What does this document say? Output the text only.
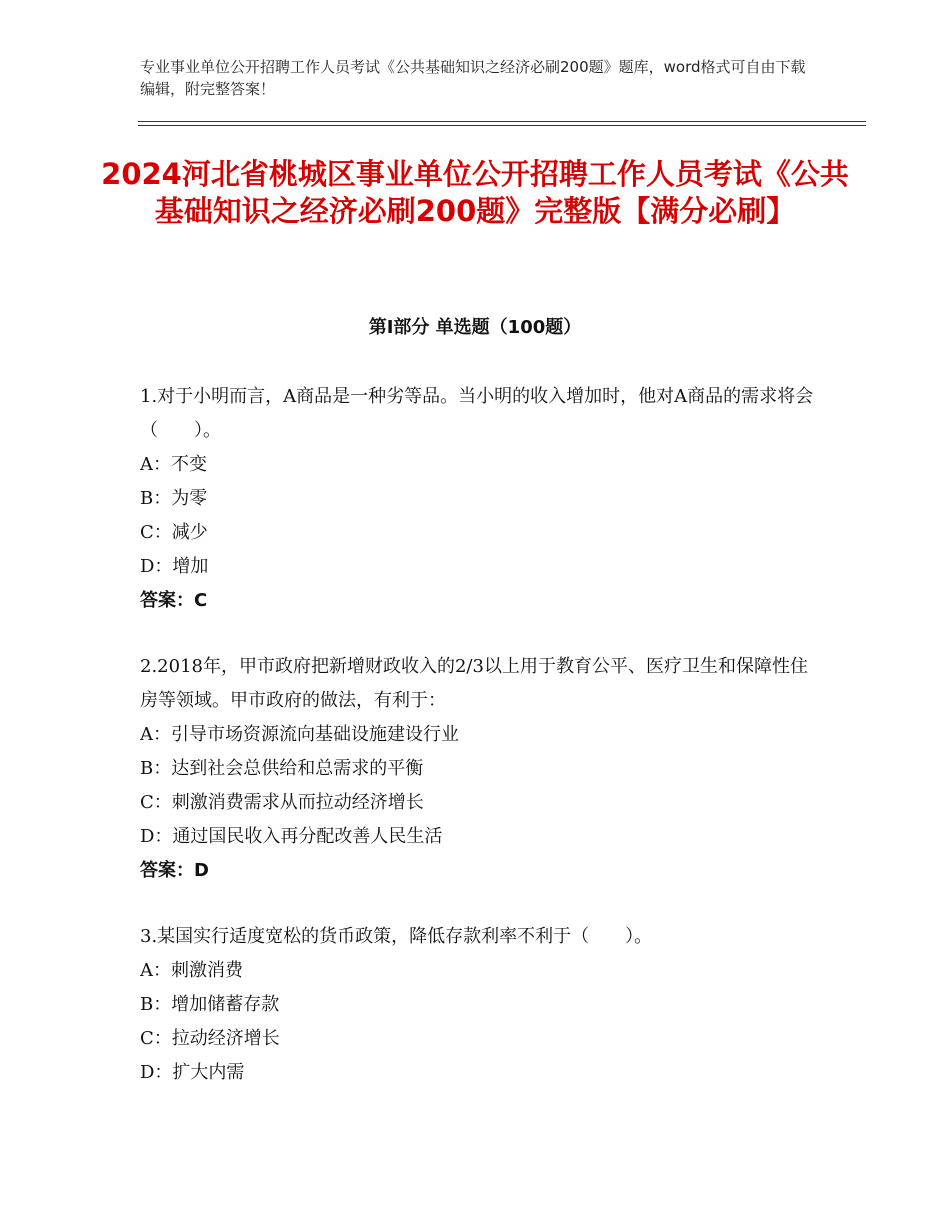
专业事业单位公开招聘工作人员考试《公共基础知识之经济必刷200题》题库，word格式可自由下载编辑，附完整答案！
2024河北省桃城区事业单位公开招聘工作人员考试《公共基础知识之经济必刷200题》完整版【满分必刷】
第Ⅰ部分 单选题（100题）

1.对于小明而言，A商品是一种劣等品。当小明的收入增加时，他对A商品的需求将会（　　）。

A：不变

B：为零

C：减少

D：增加

答案：C

2.2018年，甲市政府把新增财政收入的2/3以上用于教育公平、医疗卫生和保障性住房等领域。甲市政府的做法，有利于：

A：引导市场资源流向基础设施建设行业

B：达到社会总供给和总需求的平衡

C：刺激消费需求从而拉动经济增长

D：通过国民收入再分配改善人民生活

答案：D

3.某国实行适度宽松的货币政策，降低存款利率不利于（　　）。

A：刺激消费

B：增加储蓄存款

C：拉动经济增长

D：扩大内需
